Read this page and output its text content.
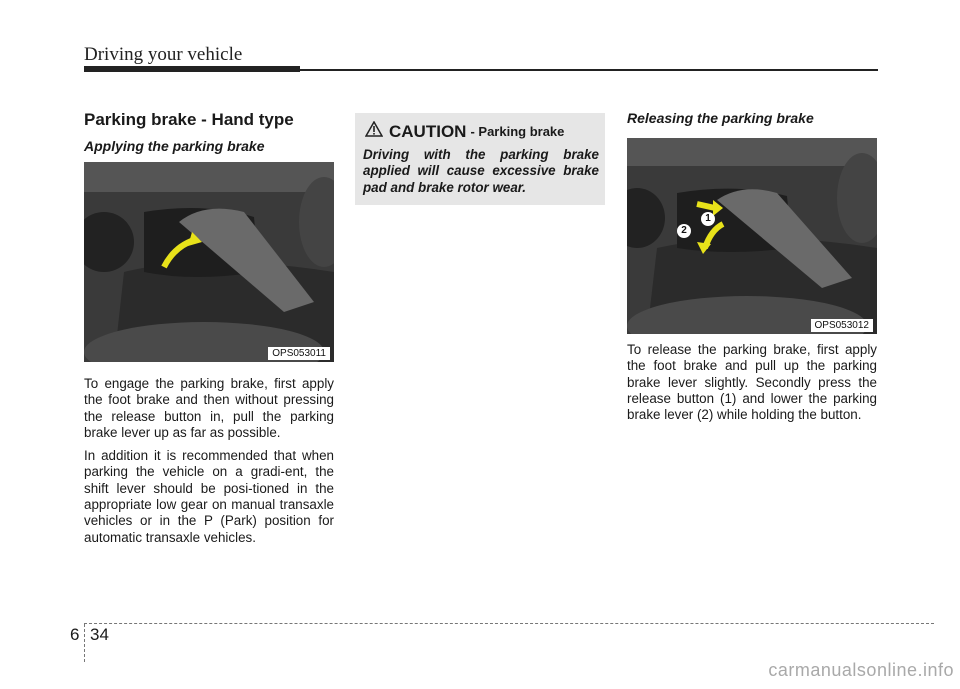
Driving your vehicle
Parking brake - Hand type
Applying the parking brake
OPS053011

To engage the parking brake, first apply the foot brake and then without pressing the release button in, pull the parking brake lever up as far as possible.

In addition it is recommended that when parking the vehicle on a gradi-ent, the shift lever should be posi-tioned in the appropriate low gear on manual transaxle vehicles or in the P (Park) position for automatic transaxle vehicles.

CAUTION - Parking brake
Driving with the parking brake applied will cause excessive brake pad and brake rotor wear.
Releasing the parking brake
1
2
OPS053012

To release the parking brake, first apply the foot brake and pull up the parking brake lever slightly. Secondly press the release button (1) and lower the parking brake lever (2) while holding the button.

6 34
carmanualsonline.info
